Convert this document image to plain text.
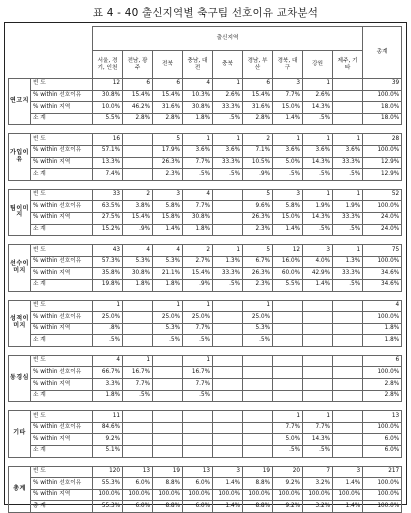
표 4 - 40 출신지역별 축구팀 선호이유 교차분석
		출신지역									총계
		서울, 경기, 인천	전남, 광주	전북	충남, 대전	충북	경남, 부산	경북, 대구	강원	제주, 기타	
연고지	빈 도	12	6	6	4	1	6	3	1		39
	% within 선호이유	30.8%	15.4%	15.4%	10.3%	2.6%	15.4%	7.7%	2.6%		100.0%
	% within 지역	10.0%	46.2%	31.6%	30.8%	33.3%	31.6%	15.0%	14.3%		18.0%
	소 계	5.5%	2.8%	2.8%	1.8%	.5%	2.8%	1.4%	.5%		18.0%

가입이유	빈 도	16		5	1	1	2	1	1	1	28
	% within 선호이유	57.1%		17.9%	3.6%	3.6%	7.1%	3.6%	3.6%	3.6%	100.0%
	% within 지역	13.3%		26.3%	7.7%	33.3%	10.5%	5.0%	14.3%	33.3%	12.9%
	소 계	7.4%		2.3%	.5%	.5%	.9%	.5%	.5%	.5%	12.9%

팀이미지	빈 도	33	2	3	4		5	3	1	1	52
	% within 선호이유	63.5%	3.8%	5.8%	7.7%		9.6%	5.8%	1.9%	1.9%	100.0%
	% within 지역	27.5%	15.4%	15.8%	30.8%		26.3%	15.0%	14.3%	33.3%	24.0%
	소 계	15.2%	.9%	1.4%	1.8%		2.3%	1.4%	.5%	.5%	24.0%

선수이미지	빈 도	43	4	4	2	1	5	12	3	1	75
	% within 선호이유	57.3%	5.3%	5.3%	2.7%	1.3%	6.7%	16.0%	4.0%	1.3%	100.0%
	% within 지역	35.8%	30.8%	21.1%	15.4%	33.3%	26.3%	60.0%	42.9%	33.3%	34.6%
	소 계	19.8%	1.8%	1.8%	.9%	.5%	2.3%	5.5%	1.4%	.5%	34.6%

성적이미지	빈 도	1		1	1		1				4
	% within 선호이유	25.0%		25.0%	25.0%		25.0%				100.0%
	% within 지역	.8%		5.3%	7.7%		5.3%				1.8%
	소 계	.5%		.5%	.5%		.5%				1.8%

동경심	빈 도	4	1		1						6
	% within 선호이유	66.7%	16.7%		16.7%						100.0%
	% within 지역	3.3%	7.7%		7.7%						2.8%
	소 계	1.8%	.5%		.5%						2.8%

기타	빈 도	11						1	1		13
	% within 선호이유	84.6%						7.7%	7.7%		100.0%
	% within 지역	9.2%						5.0%	14.3%		6.0%
	소 계	5.1%						.5%	.5%		6.0%

총계	빈 도	120	13	19	13	3	19	20	7	3	217
	% within 선호이유	55.3%	6.0%	8.8%	6.0%	1.4%	8.8%	9.2%	3.2%	1.4%	100.0%
	% within 지역	100.0%	100.0%	100.0%	100.0%	100.0%	100.0%	100.0%	100.0%	100.0%	100.0%
	총 계	55.3%	6.0%	8.8%	6.0%	1.4%	8.8%	9.2%	3.2%	1.4%	100.0%
